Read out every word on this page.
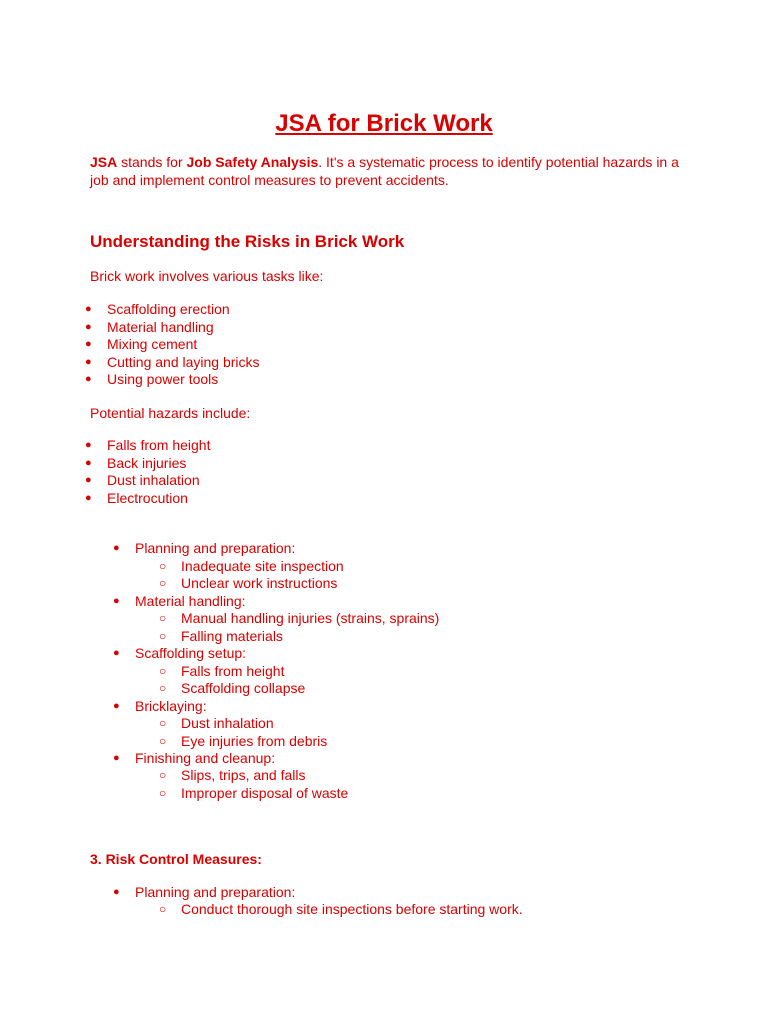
JSA for Brick Work

JSA stands for Job Safety Analysis. It's a systematic process to identify potential hazards in a job and implement control measures to prevent accidents.

Understanding the Risks in Brick Work

Brick work involves various tasks like:

● Scaffolding erection
● Material handling
● Mixing cement
● Cutting and laying bricks
● Using power tools

Potential hazards include:

● Falls from height
● Back injuries
● Dust inhalation
● Electrocution
● Planning and preparation:
○ Inadequate site inspection
○ Unclear work instructions
● Material handling:
○ Manual handling injuries (strains, sprains)
○ Falling materials
● Scaffolding setup:
○ Falls from height
○ Scaffolding collapse
● Bricklaying:
○ Dust inhalation
○ Eye injuries from debris
● Finishing and cleanup:
○ Slips, trips, and falls
○ Improper disposal of waste
3. Risk Control Measures:
● Planning and preparation:
○ Conduct thorough site inspections before starting work.
